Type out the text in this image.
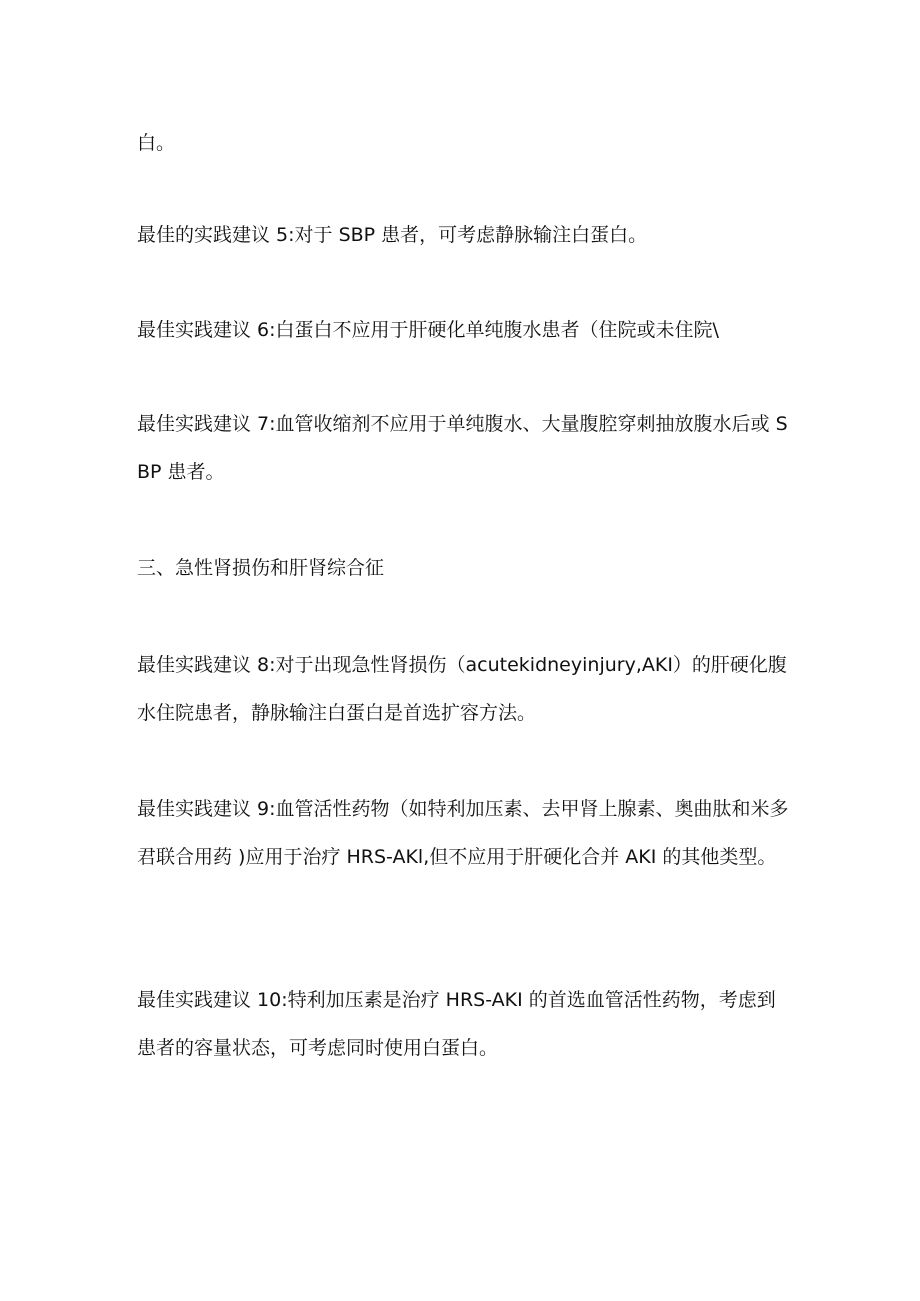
白。

最佳的实践建议 5:对于 SBP 患者，可考虑静脉输注白蛋白。

最佳实践建议 6:白蛋白不应用于肝硬化单纯腹水患者（住院或未住院\

最佳实践建议 7:血管收缩剂不应用于单纯腹水、大量腹腔穿刺抽放腹水后或 SBP 患者。

三、急性肾损伤和肝肾综合征

最佳实践建议 8:对于出现急性肾损伤（acutekidneyinjury,AKI）的肝硬化腹水住院患者，静脉输注白蛋白是首选扩容方法。

最佳实践建议 9:血管活性药物（如特利加压素、去甲肾上腺素、奥曲肽和米多君联合用药 )应用于治疗 HRS-AKl,但不应用于肝硬化合并 AKI 的其他类型。

最佳实践建议 10:特利加压素是治疗 HRS-AKI 的首选血管活性药物，考虑到患者的容量状态，可考虑同时使用白蛋白。
